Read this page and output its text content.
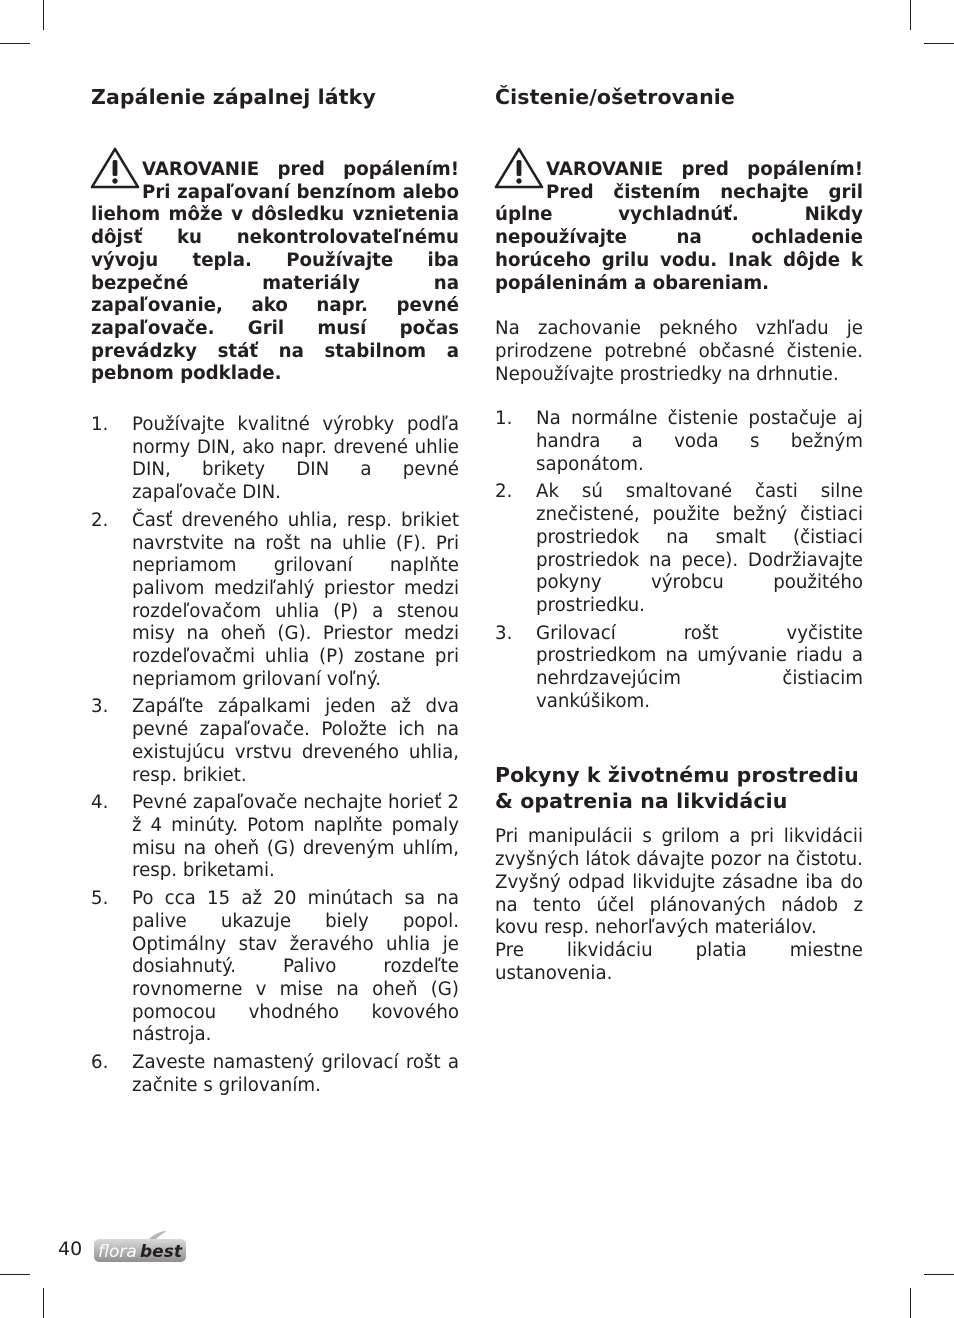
Zapálenie zápalnej látky
VAROVANIE pred popálením! Pri zapaľovaní benzínom alebo liehom môže v dôsledku vznietenia dôjsť ku nekontrolovateľnému vývoju tepla. Používajte iba bezpečné materiály na zapaľovanie, ako napr. pevné zapaľovače. Gril musí počas prevádzky stáť na stabilnom a pebnom podklade.
1. Používajte kvalitné výrobky podľa normy DIN, ako napr. drevené uhlie DIN, brikety DIN a pevné zapaľovače DIN.
2. Časť dreveného uhlia, resp. brikiet navrstvite na rošt na uhlie (F). Pri nepriamom grilovaní naplňte palivom medziľahlý priestor medzi rozdeľovačom uhlia (P) a stenou misy na oheň (G). Priestor medzi rozdeľovačmi uhlia (P) zostane pri nepriamom grilovaní voľný.
3. Zapáľte zápalkami jeden až dva pevné zapaľovače. Položte ich na existujúcu vrstvu dreveného uhlia, resp. brikiet.
4. Pevné zapaľovače nechajte horieť 2 ž 4 minúty. Potom naplňte pomaly misu na oheň (G) dreveným uhlím, resp. briketami.
5. Po cca 15 až 20 minútach sa na palive ukazuje biely popol. Optimálny stav žeravého uhlia je dosiahnutý. Palivo rozdeľte rovnomerne v mise na oheň (G) pomocou vhodného kovového nástroja.
6. Zaveste namastený grilovací rošt a začnite s grilovaním.
Čistenie/ošetrovanie
VAROVANIE pred popálením! Pred čistením nechajte gril úplne vychladnúť. Nikdy nepoužívajte na ochladenie horúceho grilu vodu. Inak dôjde k popáleninám a obareniam.

Na zachovanie pekného vzhľadu je prirodzene potrebné občasné čistenie. Nepoužívajte prostriedky na drhnutie.

1. Na normálne čistenie postačuje aj handra a voda s bežným saponátom.
2. Ak sú smaltované časti silne znečistené, použite bežný čistiaci prostriedok na smalt (čistiaci prostriedok na pece). Dodržiavajte pokyny výrobcu použitého prostriedku.
3. Grilovací rošt vyčistite prostriedkom na umývanie riadu a nehrdzavejúcim čistiacim vankúšikom.
Pokyny k životnému prostrediu & opatrenia na likvidáciu

Pri manipulácii s grilom a pri likvidácii zvyšných látok dávajte pozor na čistotu. Zvyšný odpad likvidujte zásadne iba do na tento účel plánovaných nádob z kovu resp. nehorľavých materiálov.

Pre likvidáciu platia miestne ustanovenia.

40 flora best
